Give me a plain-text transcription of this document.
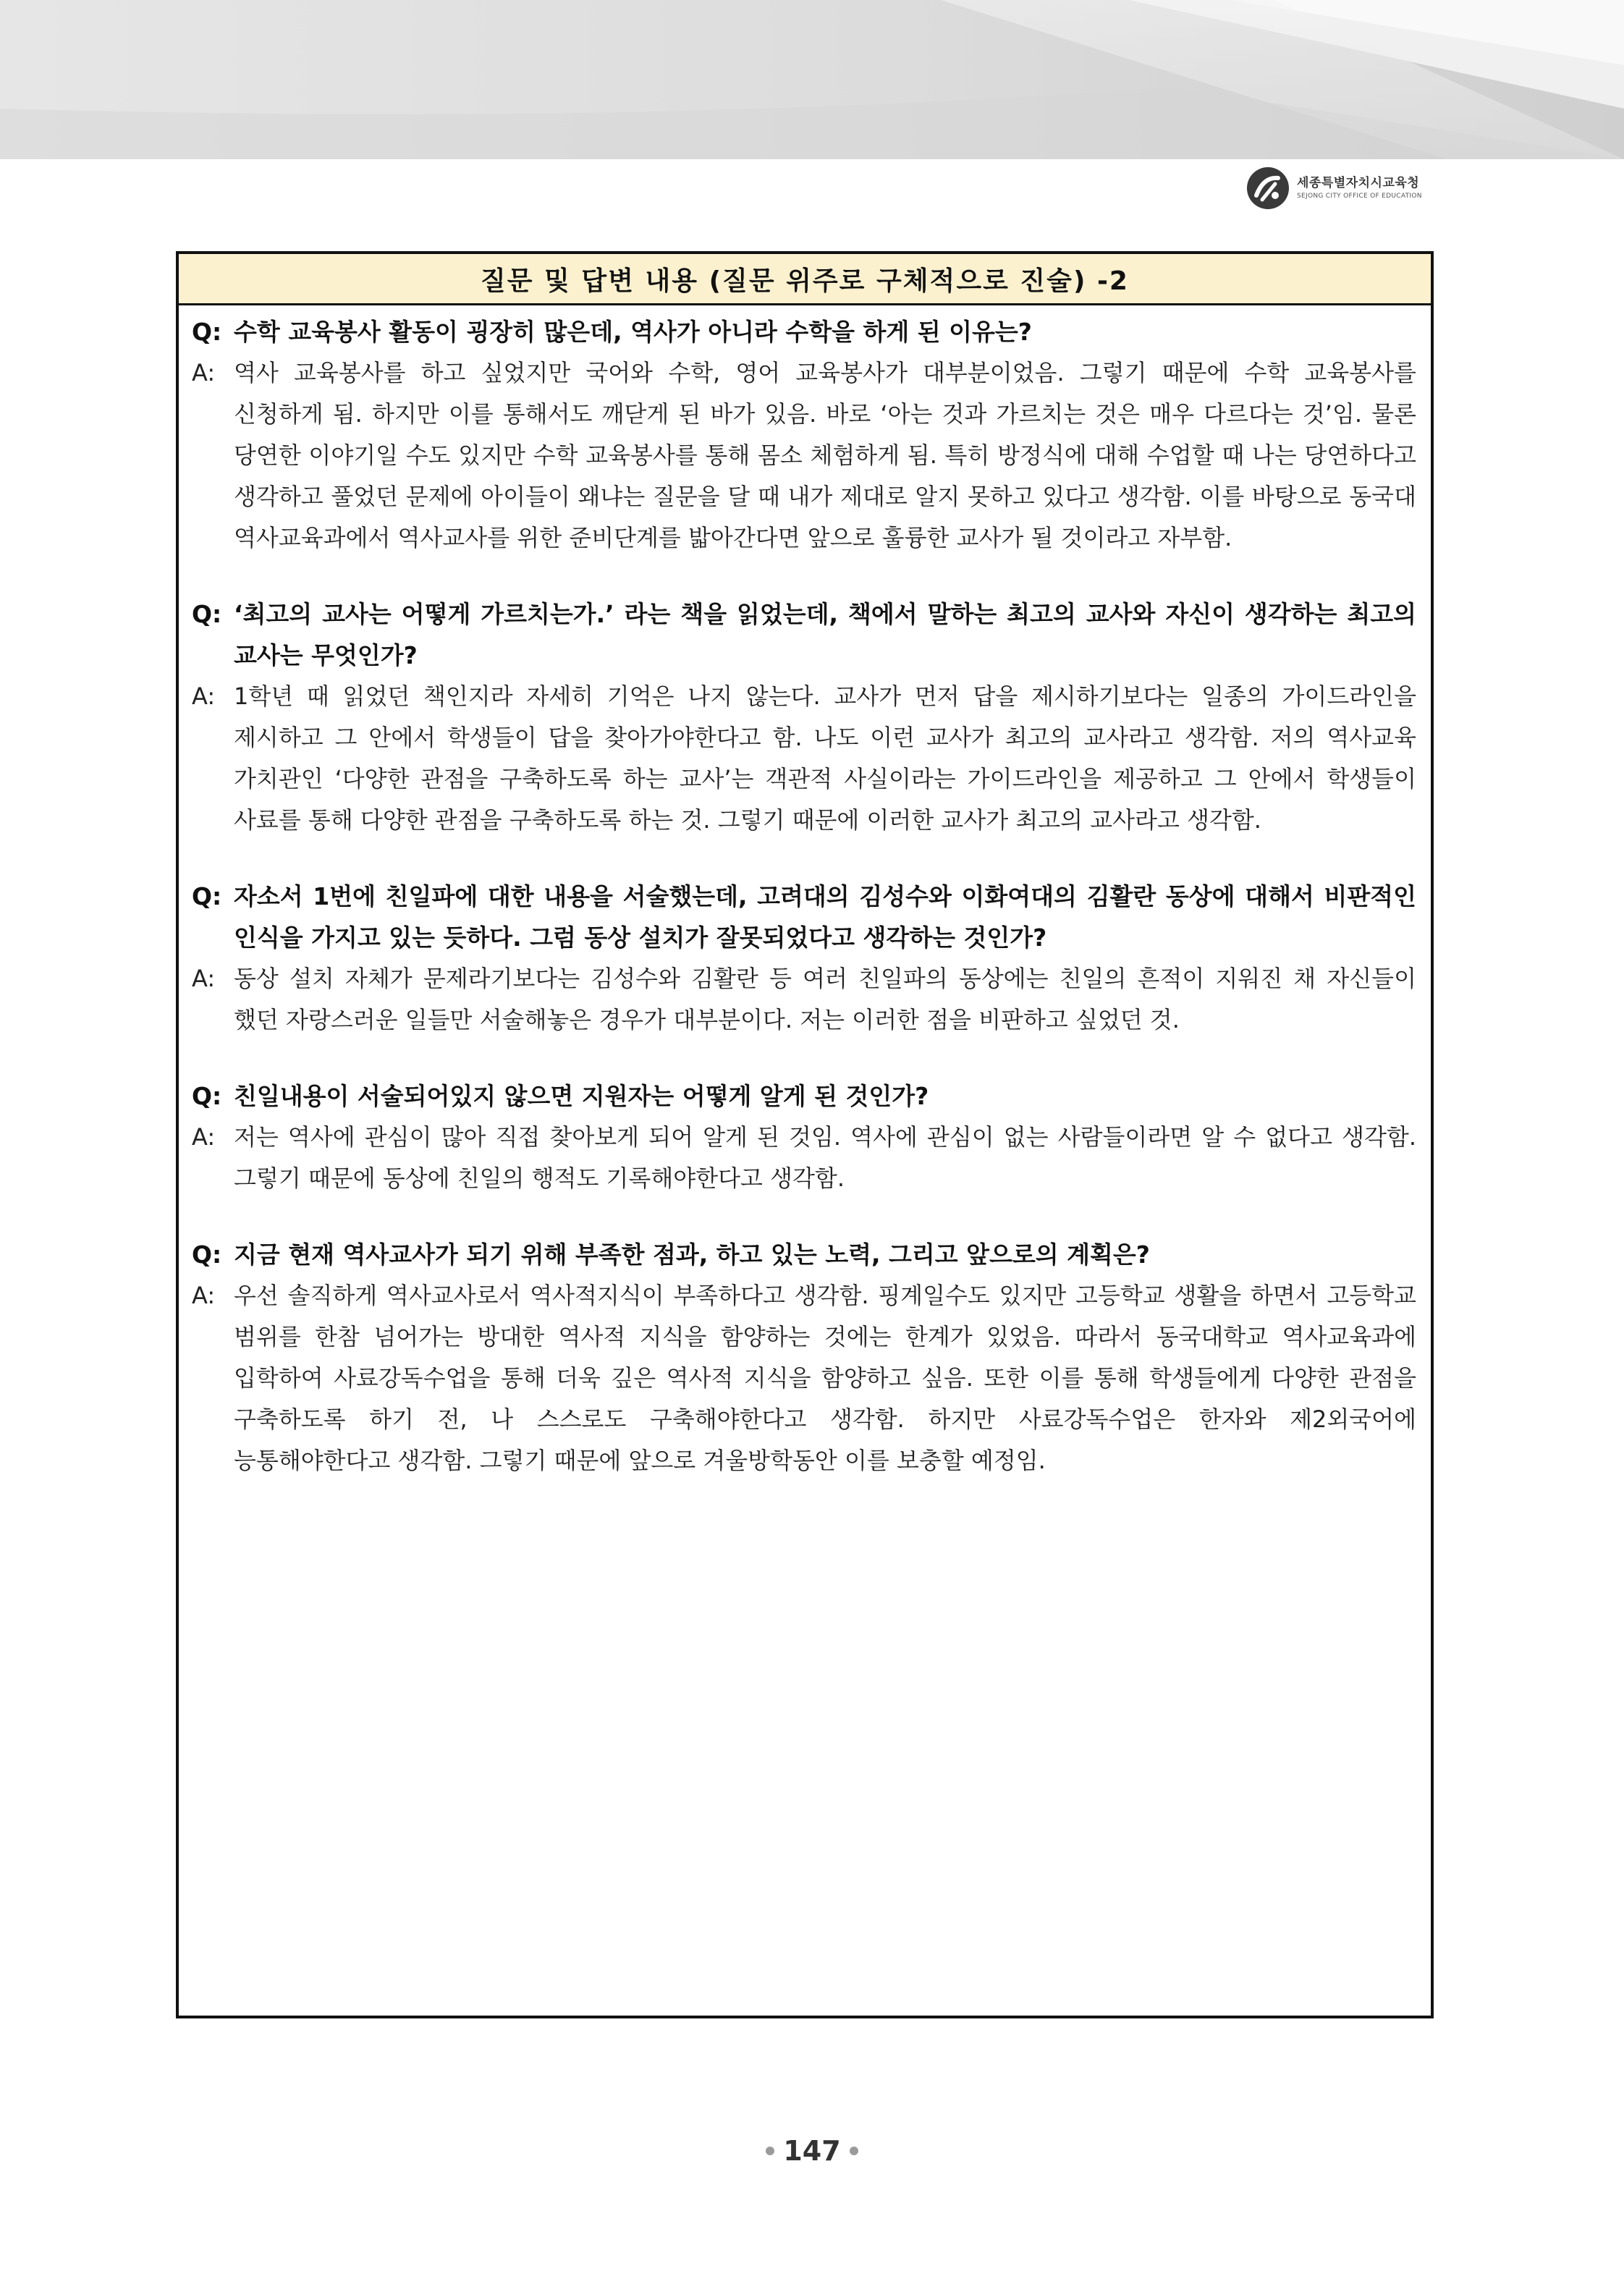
세종특별자치시교육청
SEJONG CITY OFFICE OF EDUCATION
질문 및 답변 내용 (질문 위주로 구체적으로 진술) -2
Q: 수학 교육봉사 활동이 굉장히 많은데, 역사가 아니라 수학을 하게 된 이유는?
A: 역사 교육봉사를 하고 싶었지만 국어와 수학, 영어 교육봉사가 대부분이었음. 그렇기 때문에 수학 교육봉사를 신청하게 됨. 하지만 이를 통해서도 깨닫게 된 바가 있음. 바로 ‘아는 것과 가르치는 것은 매우 다르다는 것’임. 물론 당연한 이야기일 수도 있지만 수학 교육봉사를 통해 몸소 체험하게 됨. 특히 방정식에 대해 수업할 때 나는 당연하다고 생각하고 풀었던 문제에 아이들이 왜냐는 질문을 달 때 내가 제대로 알지 못하고 있다고 생각함. 이를 바탕으로 동국대 역사교육과에서 역사교사를 위한 준비단계를 밟아간다면 앞으로 훌륭한 교사가 될 것이라고 자부함.
Q: ‘최고의 교사는 어떻게 가르치는가.’ 라는 책을 읽었는데, 책에서 말하는 최고의 교사와 자신이 생각하는 최고의 교사는 무엇인가?
A: 1학년 때 읽었던 책인지라 자세히 기억은 나지 않는다. 교사가 먼저 답을 제시하기보다는 일종의 가이드라인을 제시하고 그 안에서 학생들이 답을 찾아가야한다고 함. 나도 이런 교사가 최고의 교사라고 생각함. 저의 역사교육 가치관인 ‘다양한 관점을 구축하도록 하는 교사’는 객관적 사실이라는 가이드라인을 제공하고 그 안에서 학생들이 사료를 통해 다양한 관점을 구축하도록 하는 것. 그렇기 때문에 이러한 교사가 최고의 교사라고 생각함.
Q: 자소서 1번에 친일파에 대한 내용을 서술했는데, 고려대의 김성수와 이화여대의 김활란 동상에 대해서 비판적인 인식을 가지고 있는 듯하다. 그럼 동상 설치가 잘못되었다고 생각하는 것인가?
A: 동상 설치 자체가 문제라기보다는 김성수와 김활란 등 여러 친일파의 동상에는 친일의 흔적이 지워진 채 자신들이 했던 자랑스러운 일들만 서술해놓은 경우가 대부분이다. 저는 이러한 점을 비판하고 싶었던 것.
Q: 친일내용이 서술되어있지 않으면 지원자는 어떻게 알게 된 것인가?
A: 저는 역사에 관심이 많아 직접 찾아보게 되어 알게 된 것임. 역사에 관심이 없는 사람들이라면 알 수 없다고 생각함. 그렇기 때문에 동상에 친일의 행적도 기록해야한다고 생각함.
Q: 지금 현재 역사교사가 되기 위해 부족한 점과, 하고 있는 노력, 그리고 앞으로의 계획은?
A: 우선 솔직하게 역사교사로서 역사적지식이 부족하다고 생각함. 핑계일수도 있지만 고등학교 생활을 하면서 고등학교 범위를 한참 넘어가는 방대한 역사적 지식을 함양하는 것에는 한계가 있었음. 따라서 동국대학교 역사교육과에 입학하여 사료강독수업을 통해 더욱 깊은 역사적 지식을 함양하고 싶음. 또한 이를 통해 학생들에게 다양한 관점을 구축하도록 하기 전, 나 스스로도 구축해야한다고 생각함. 하지만 사료강독수업은 한자와 제2외국어에 능통해야한다고 생각함. 그렇기 때문에 앞으로 겨울방학동안 이를 보충할 예정임.
147
